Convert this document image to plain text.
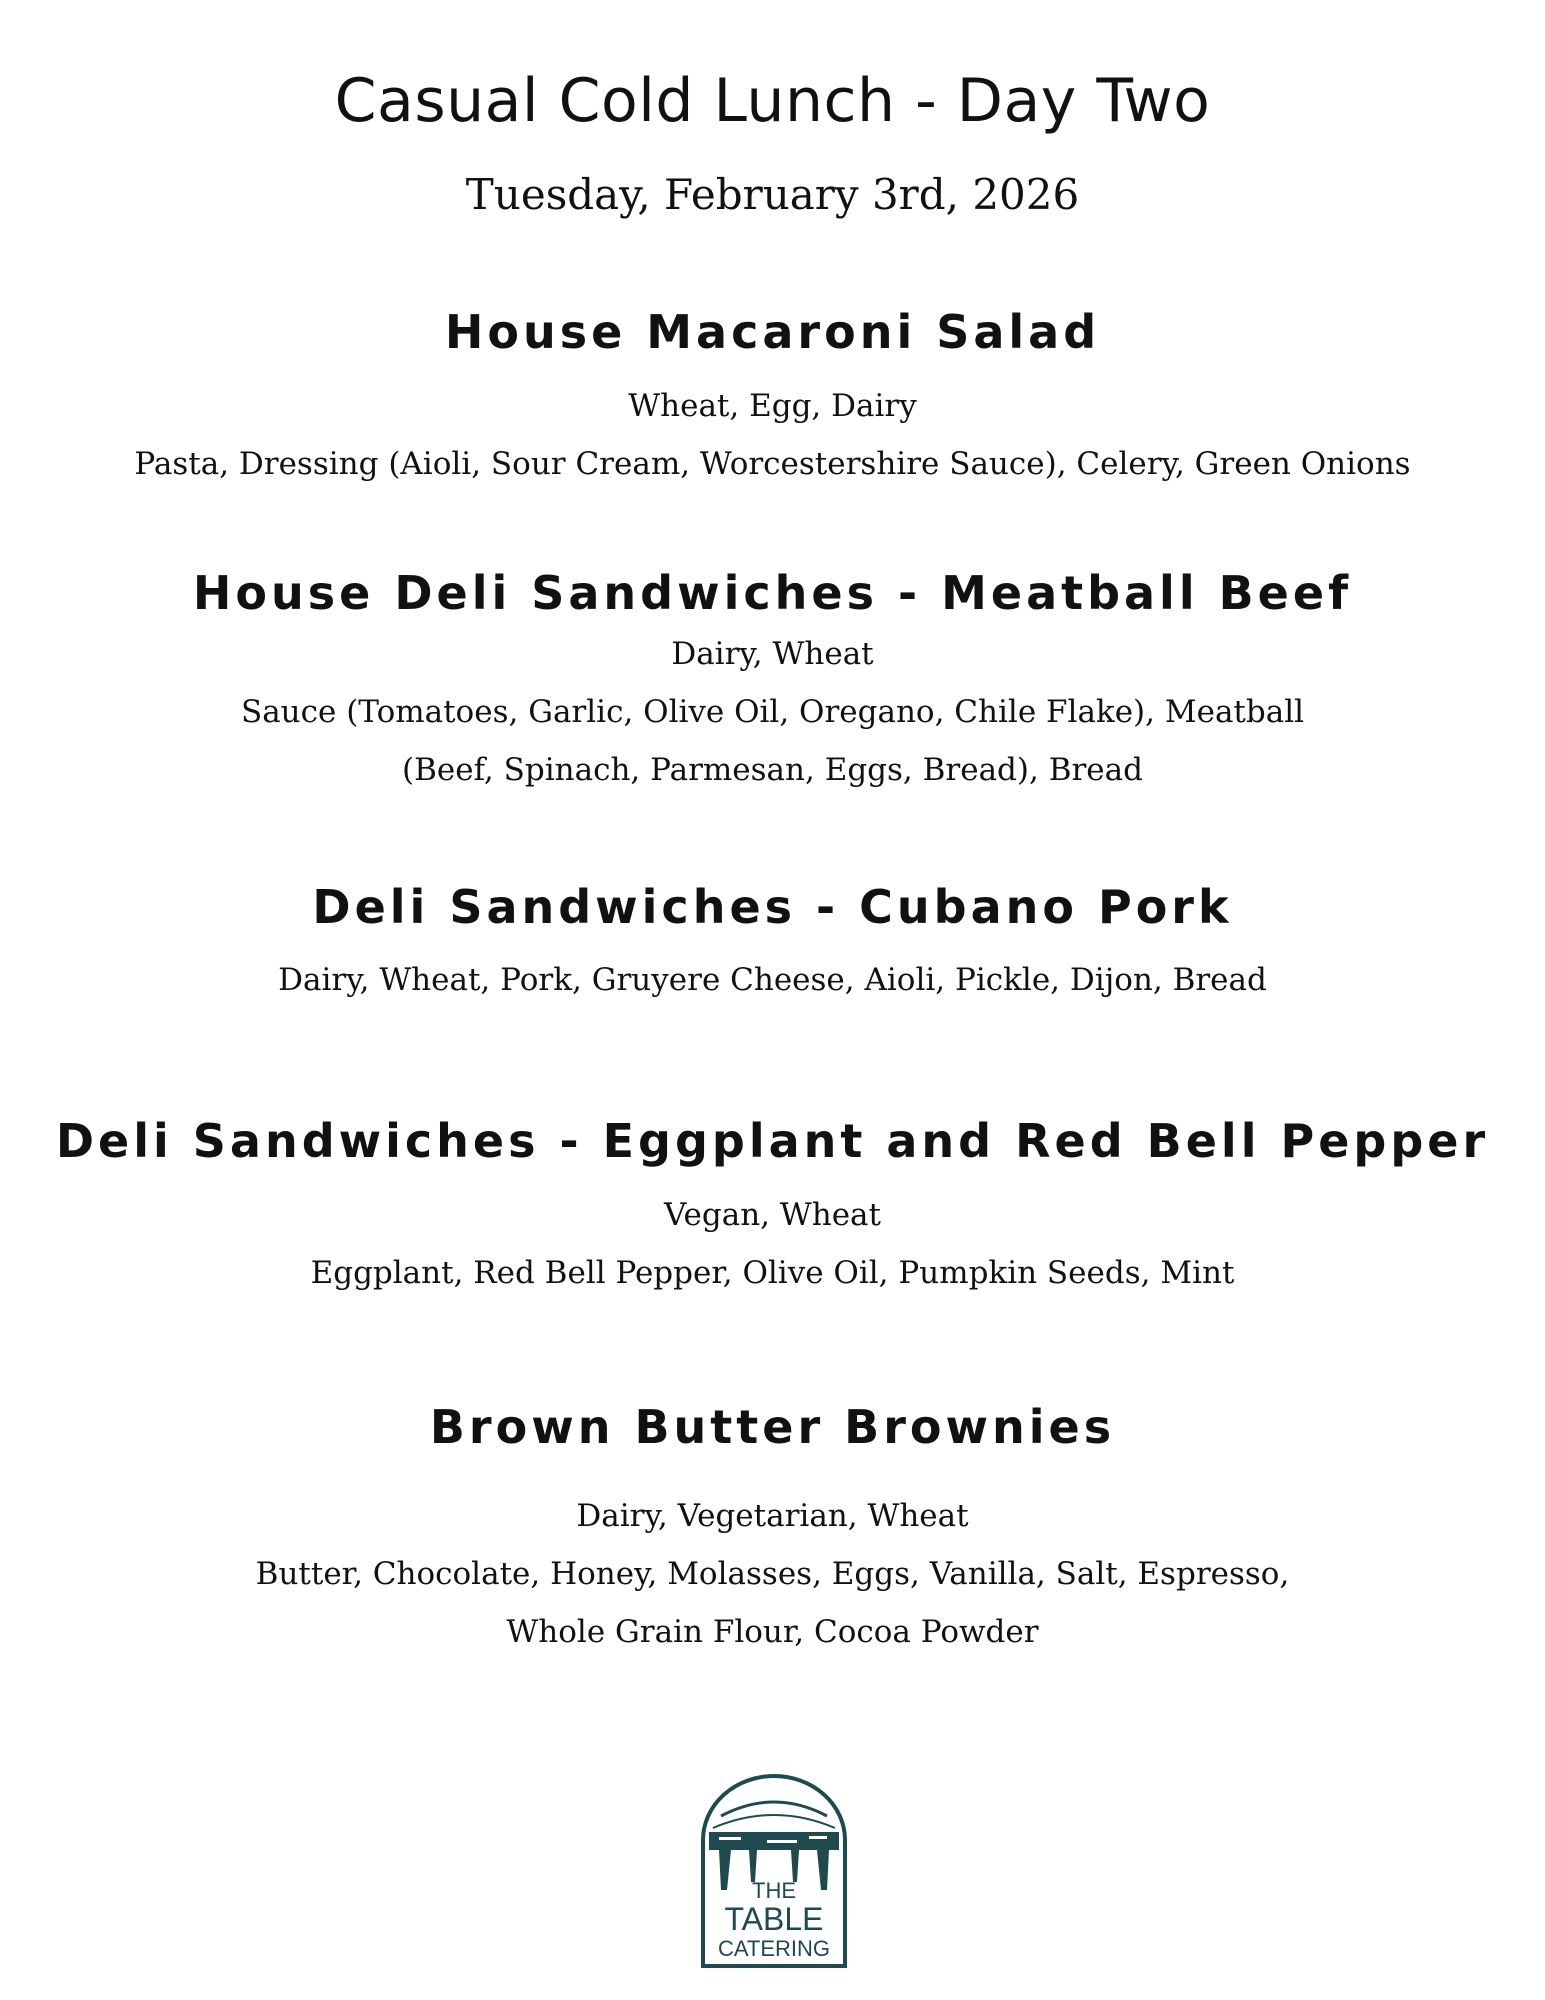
Casual Cold Lunch - Day Two
Tuesday, February 3rd, 2026
House Macaroni Salad

Wheat, Egg, Dairy

Pasta, Dressing (Aioli, Sour Cream, Worcestershire Sauce), Celery, Green Onions

House Deli Sandwiches - Meatball Beef

Dairy, Wheat

Sauce (Tomatoes, Garlic, Olive Oil, Oregano, Chile Flake), Meatball

(Beef, Spinach, Parmesan, Eggs, Bread), Bread

Deli Sandwiches - Cubano Pork

Dairy, Wheat, Pork, Gruyere Cheese, Aioli, Pickle, Dijon, Bread

Deli Sandwiches - Eggplant and Red Bell Pepper

Vegan, Wheat

Eggplant, Red Bell Pepper, Olive Oil, Pumpkin Seeds, Mint

Brown Butter Brownies

Dairy, Vegetarian, Wheat

Butter, Chocolate, Honey, Molasses, Eggs, Vanilla, Salt, Espresso,

Whole Grain Flour, Cocoa Powder

THE
TABLE
CATERING
